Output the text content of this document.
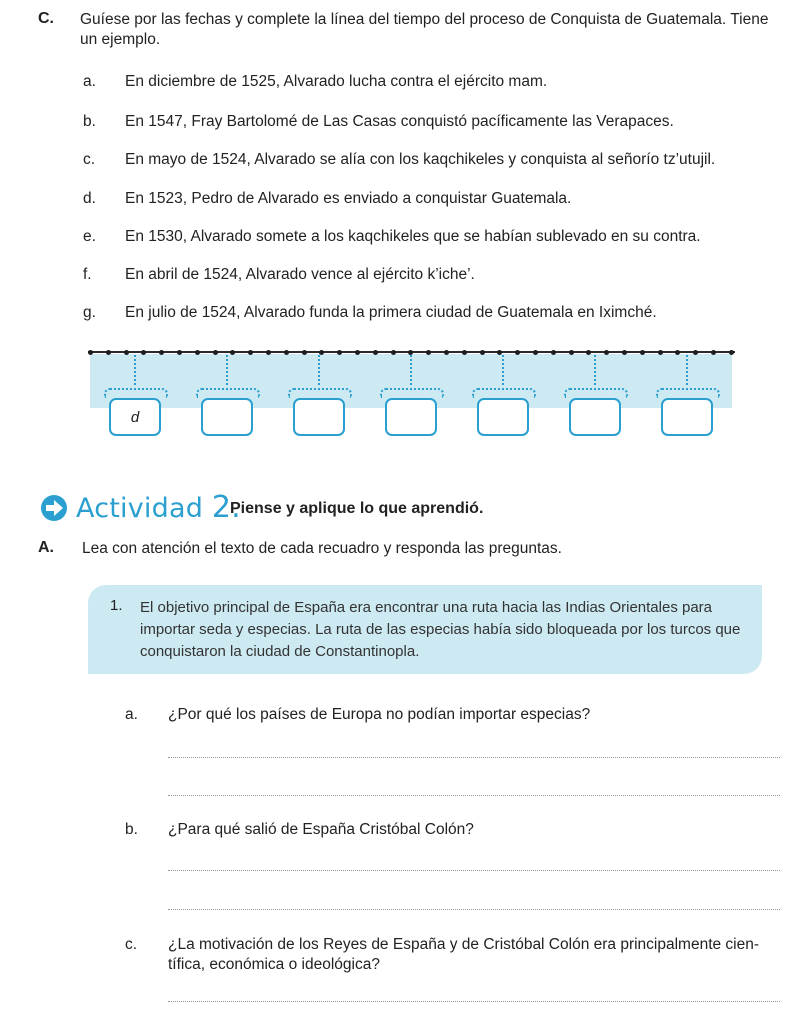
C. Guíese por las fechas y complete la línea del tiempo del proceso de Conquista de Guatemala. Tiene un ejemplo.
a. En diciembre de 1525, Alvarado lucha contra el ejército mam.
b. En 1547, Fray Bartolomé de Las Casas conquistó pacíficamente las Verapaces.
c. En mayo de 1524, Alvarado se alía con los kaqchikeles y conquista al señorío tz’utujil.
d. En 1523, Pedro de Alvarado es enviado a conquistar Guatemala.
e. En 1530, Alvarado somete a los kaqchikeles que se habían sublevado en su contra.
f. En abril de 1524, Alvarado vence al ejército k’iche’.
g. En julio de 1524, Alvarado funda la primera ciudad de Guatemala en Iximché.
d
Actividad 2.
Piense y aplique lo que aprendió.
A. Lea con atención el texto de cada recuadro y responda las preguntas.
1. El objetivo principal de España era encontrar una ruta hacia las Indias Orientales para importar seda y especias. La ruta de las especias había sido bloqueada por los turcos que conquistaron la ciudad de Constantinopla.
a. ¿Por qué los países de Europa no podían importar especias?
b. ¿Para qué salió de España Cristóbal Colón?
c. ¿La motivación de los Reyes de España y de Cristóbal Colón era principalmente cien-tífica, económica o ideológica?
